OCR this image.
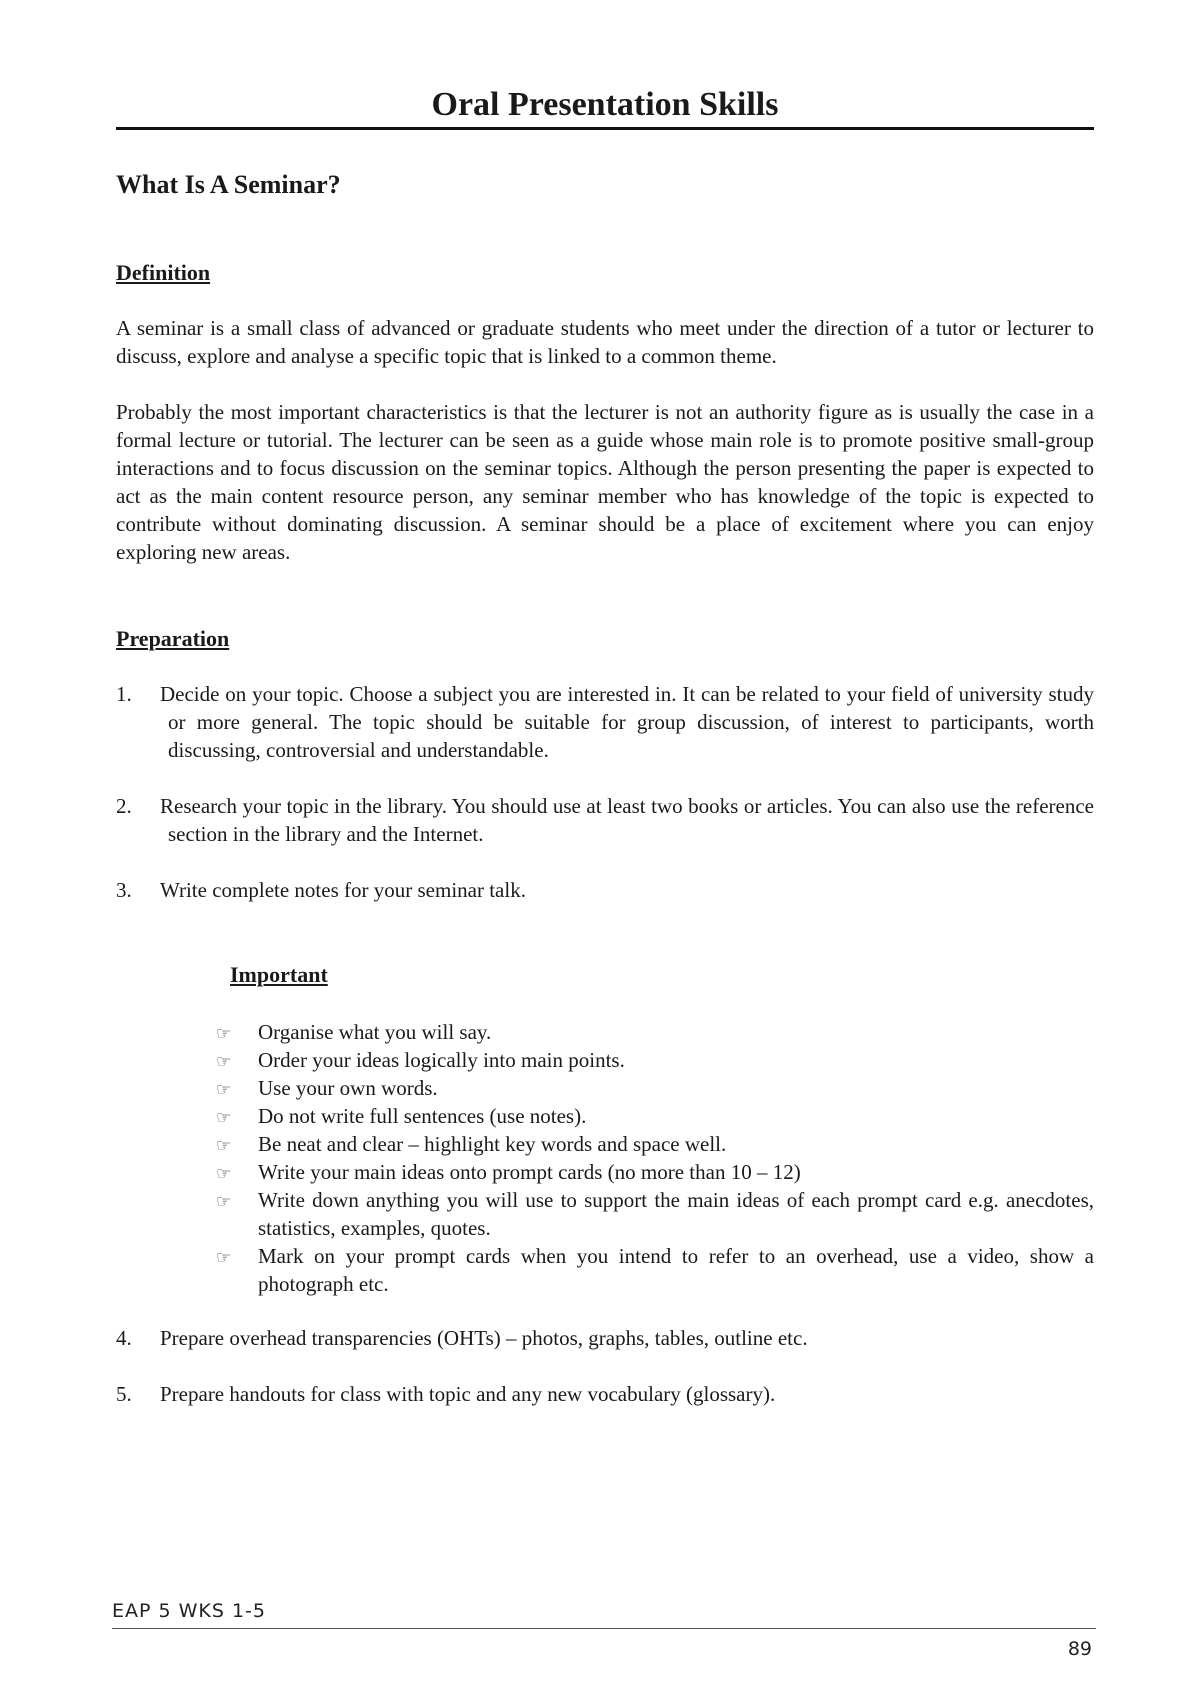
Oral Presentation Skills
What Is A Seminar?
Definition

A seminar is a small class of advanced or graduate students who meet under the direction of a tutor or lecturer to discuss, explore and analyse a specific topic that is linked to a common theme.

Probably the most important characteristics is that the lecturer is not an authority figure as is usually the case in a formal lecture or tutorial. The lecturer can be seen as a guide whose main role is to promote positive small-group interactions and to focus discussion on the seminar topics. Although the person presenting the paper is expected to act as the main content resource person, any seminar member who has knowledge of the topic is expected to contribute without dominating discussion. A seminar should be a place of excitement where you can enjoy exploring new areas.

Preparation
1. Decide on your topic. Choose a subject you are interested in. It can be related to your field of university study or more general. The topic should be suitable for group discussion, of interest to participants, worth discussing, controversial and understandable.
2. Research your topic in the library. You should use at least two books or articles. You can also use the reference section in the library and the Internet.
3. Write complete notes for your seminar talk.
Important
☞ Organise what you will say.
☞ Order your ideas logically into main points.
☞ Use your own words.
☞ Do not write full sentences (use notes).
☞ Be neat and clear – highlight key words and space well.
☞ Write your main ideas onto prompt cards (no more than 10 – 12)
☞ Write down anything you will use to support the main ideas of each prompt card e.g. anecdotes, statistics, examples, quotes.
☞ Mark on your prompt cards when you intend to refer to an overhead, use a video, show a photograph etc.
4. Prepare overhead transparencies (OHTs) – photos, graphs, tables, outline etc.
5. Prepare handouts for class with topic and any new vocabulary (glossary).
EAP 5 WKS 1-5
89
